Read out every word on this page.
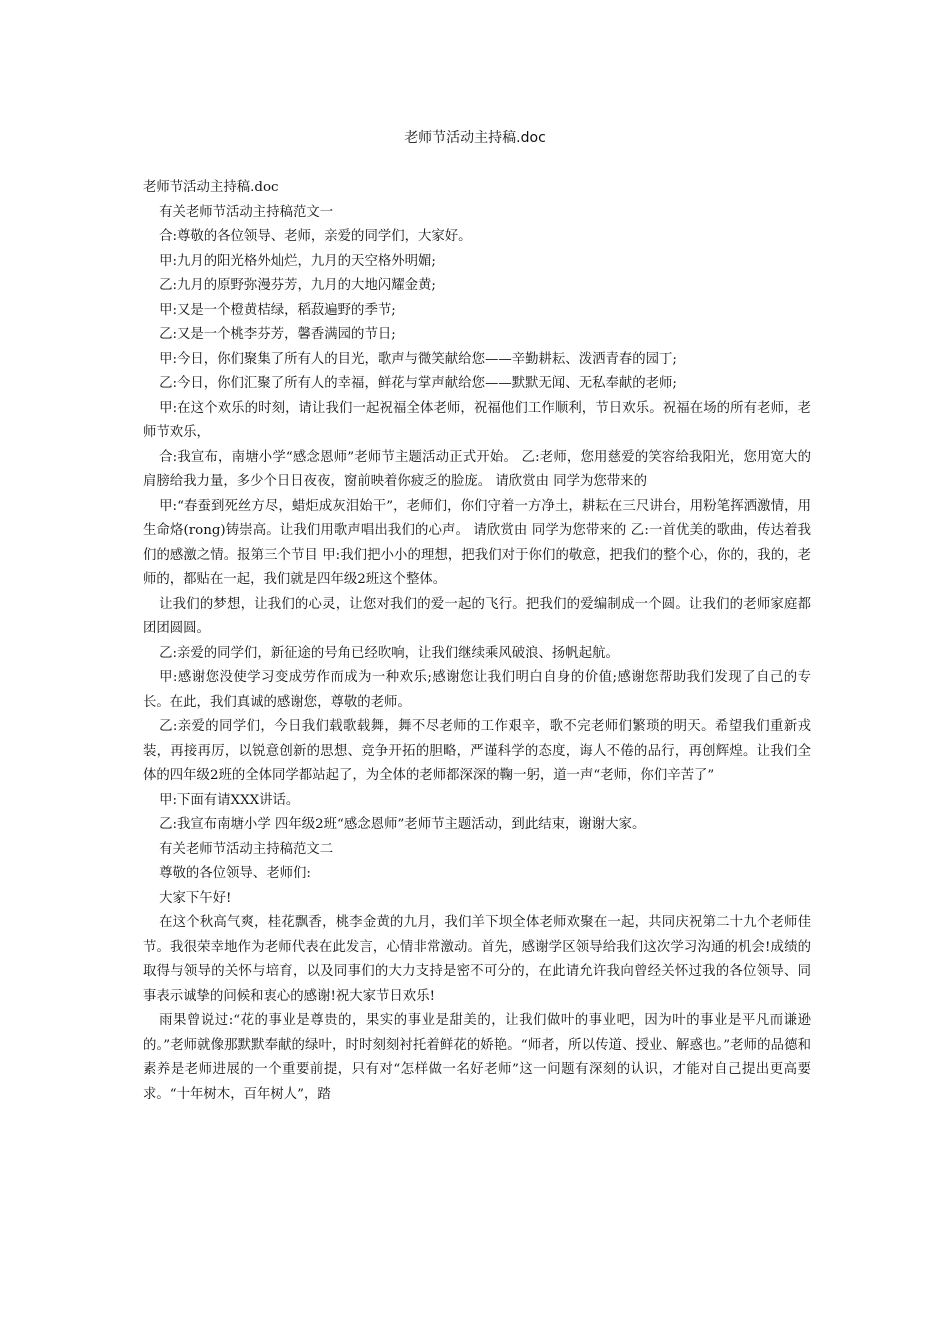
老师节活动主持稿.doc

老师节活动主持稿.doc

有关老师节活动主持稿范文一

合:尊敬的各位领导、老师，亲爱的同学们，大家好。

甲:九月的阳光格外灿烂，九月的天空格外明媚;

乙:九月的原野弥漫芬芳，九月的大地闪耀金黄;

甲:又是一个橙黄桔绿，稻菽遍野的季节;

乙:又是一个桃李芬芳，馨香满园的节日;

甲:今日，你们聚集了所有人的目光，歌声与微笑献给您——辛勤耕耘、泼洒青春的园丁;

乙:今日，你们汇聚了所有人的幸福，鲜花与掌声献给您——默默无闻、无私奉献的老师;

甲:在这个欢乐的时刻，请让我们一起祝福全体老师，祝福他们工作顺利，节日欢乐。祝福在场的所有老师，老师节欢乐，

合:我宣布，南塘小学“感念恩师”老师节主题活动正式开始。 乙:老师，您用慈爱的笑容给我阳光，您用宽大的肩膀给我力量，多少个日日夜夜，窗前映着你疲乏的脸庞。 请欣赏由 同学为您带来的

甲:“春蚕到死丝方尽，蜡炬成灰泪始干”，老师们，你们守着一方净土，耕耘在三尺讲台，用粉笔挥洒激情，用生命烙(rong)铸崇高。让我们用歌声唱出我们的心声。 请欣赏由 同学为您带来的 乙:一首优美的歌曲，传达着我们的感激之情。报第三个节目 甲:我们把小小的理想，把我们对于你们的敬意，把我们的整个心，你的，我的，老师的，都贴在一起，我们就是四年级2班这个整体。

让我们的梦想，让我们的心灵，让您对我们的爱一起的飞行。把我们的爱编制成一个圆。让我们的老师家庭都团团圆圆。

乙:亲爱的同学们，新征途的号角已经吹响，让我们继续乘风破浪、扬帆起航。

甲:感谢您没使学习变成劳作而成为一种欢乐;感谢您让我们明白自身的价值;感谢您帮助我们发现了自己的专长。在此，我们真诚的感谢您，尊敬的老师。

乙:亲爱的同学们，今日我们载歌载舞，舞不尽老师的工作艰辛，歌不完老师们繁琐的明天。希望我们重新戎装，再接再厉，以锐意创新的思想、竞争开拓的胆略，严谨科学的态度，诲人不倦的品行，再创辉煌。让我们全体的四年级2班的全体同学都站起了，为全体的老师都深深的鞠一躬，道一声“老师，你们辛苦了”

甲:下面有请XXX讲话。

乙:我宣布南塘小学 四年级2班“感念恩师”老师节主题活动，到此结束，谢谢大家。

有关老师节活动主持稿范文二

尊敬的各位领导、老师们:

大家下午好!

在这个秋高气爽，桂花飘香，桃李金黄的九月，我们羊下坝全体老师欢聚在一起，共同庆祝第二十九个老师佳节。我很荣幸地作为老师代表在此发言，心情非常激动。首先，感谢学区领导给我们这次学习沟通的机会!成绩的取得与领导的关怀与培育，以及同事们的大力支持是密不可分的，在此请允许我向曾经关怀过我的各位领导、同事表示诚挚的问候和衷心的感谢!祝大家节日欢乐!

雨果曾说过:“花的事业是尊贵的，果实的事业是甜美的，让我们做叶的事业吧，因为叶的事业是平凡而谦逊的。”老师就像那默默奉献的绿叶，时时刻刻衬托着鲜花的娇艳。“师者，所以传道、授业、解惑也。”老师的品德和素养是老师进展的一个重要前提，只有对“怎样做一名好老师”这一问题有深刻的认识，才能对自己提出更高要求。“十年树木，百年树人”，踏
